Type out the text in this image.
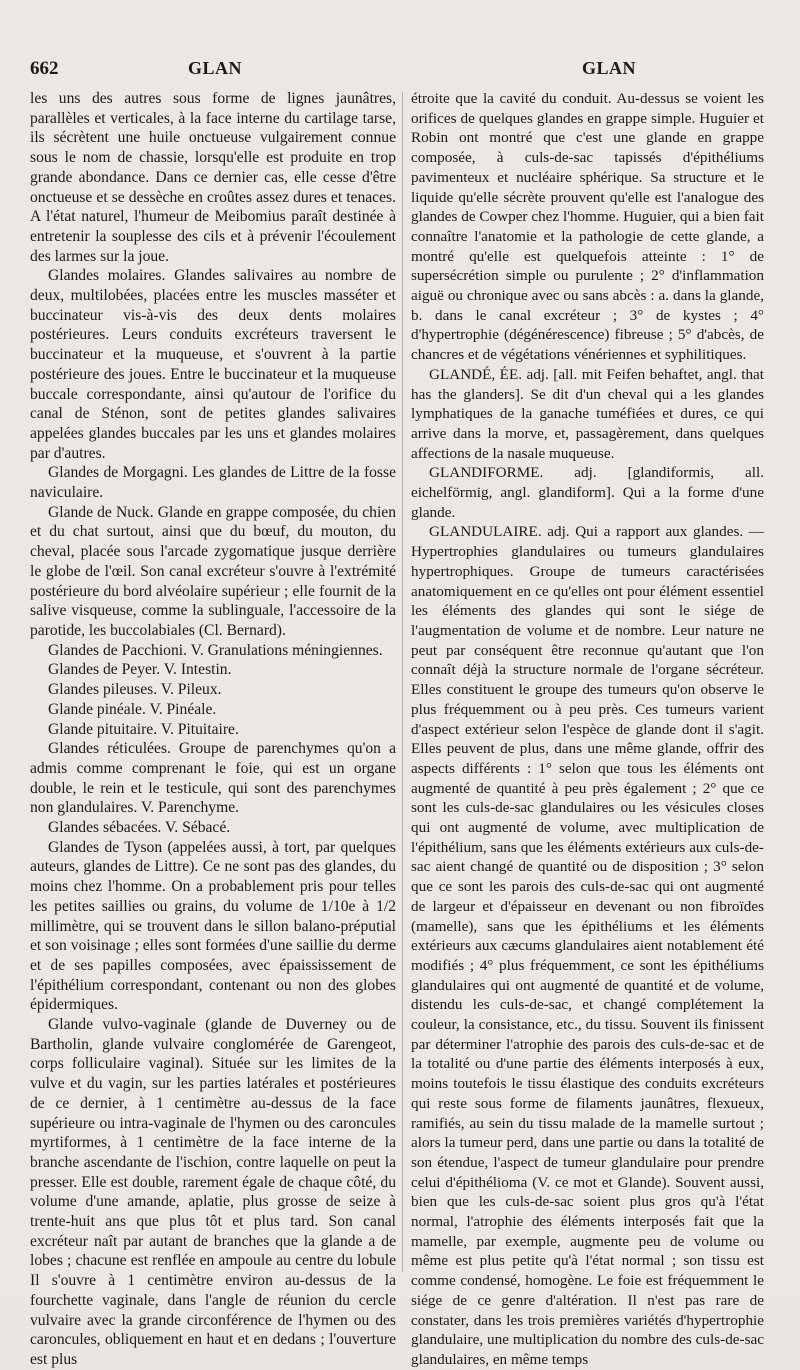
662	GLAN	GLAN

les uns des autres sous forme de lignes jaunâtres, parallèles et verticales, à la face interne du cartilage tarse, ils sécrètent une huile onctueuse vulgairement connue sous le nom de chassie, lorsqu'elle est produite en trop grande abondance. Dans ce dernier cas, elle cesse d'être onctueuse et se dessèche en croûtes assez dures et tenaces. A l'état naturel, l'humeur de Meibomius paraît destinée à entretenir la souplesse des cils et à prévenir l'écoulement des larmes sur la joue.

Glandes molaires. Glandes salivaires au nombre de deux, multilobées, placées entre les muscles masséter et buccinateur vis-à-vis des deux dents molaires postérieures. Leurs conduits excréteurs traversent le buccinateur et la muqueuse, et s'ouvrent à la partie postérieure des joues. Entre le buccinateur et la muqueuse buccale correspondante, ainsi qu'autour de l'orifice du canal de Sténon, sont de petites glandes salivaires appelées glandes buccales par les uns et glandes molaires par d'autres.

Glandes de Morgagni. Les glandes de Littre de la fosse naviculaire.

Glande de Nuck. Glande en grappe composée, du chien et du chat surtout, ainsi que du bœuf, du mouton, du cheval, placée sous l'arcade zygomatique jusque derrière le globe de l'œil. Son canal excréteur s'ouvre à l'extrémité postérieure du bord alvéolaire supérieur ; elle fournit de la salive visqueuse, comme la sublinguale, l'accessoire de la parotide, les buccolabiales (Cl. Bernard).

Glandes de Pacchioni. V. Granulations méningiennes.

Glandes de Peyer. V. Intestin.

Glandes pileuses. V. Pileux.

Glande pinéale. V. Pinéale.

Glande pituitaire. V. Pituitaire.

Glandes réticulées. Groupe de parenchymes qu'on a admis comme comprenant le foie, qui est un organe double, le rein et le testicule, qui sont des parenchymes non glandulaires. V. Parenchyme.

Glandes sébacées. V. Sébacé.

Glandes de Tyson (appelées aussi, à tort, par quelques auteurs, glandes de Littre). Ce ne sont pas des glandes, du moins chez l'homme. On a probablement pris pour telles les petites saillies ou grains, du volume de 1/10e à 1/2 millimètre, qui se trouvent dans le sillon balano-préputial et son voisinage ; elles sont formées d'une saillie du derme et de ses papilles composées, avec épaississement de l'épithélium correspondant, contenant ou non des globes épidermiques.

Glande vulvo-vaginale (glande de Duverney ou de Bartholin, glande vulvaire conglomérée de Garengeot, corps folliculaire vaginal). Située sur les limites de la vulve et du vagin, sur les parties latérales et postérieures de ce dernier, à 1 centimètre au-dessus de la face supérieure ou intra-vaginale de l'hymen ou des caroncules myrtiformes, à 1 centimètre de la face interne de la branche ascendante de l'ischion, contre laquelle on peut la presser. Elle est double, rarement égale de chaque côté, du volume d'une amande, aplatie, plus grosse de seize à trente-huit ans que plus tôt et plus tard. Son canal excréteur naît par autant de branches que la glande a de lobes ; chacune est renflée en ampoule au centre du lobule Il s'ouvre à 1 centimètre environ au-dessus de la fourchette vaginale, dans l'angle de réunion du cercle vulvaire avec la grande circonférence de l'hymen ou des caroncules, obliquement en haut et en dedans ; l'ouverture est plus

étroite que la cavité du conduit. Au-dessus se voient les orifices de quelques glandes en grappe simple. Huguier et Robin ont montré que c'est une glande en grappe composée, à culs-de-sac tapissés d'épithéliums pavimenteux et nucléaire sphérique. Sa structure et le liquide qu'elle sécrète prouvent qu'elle est l'analogue des glandes de Cowper chez l'homme. Huguier, qui a bien fait connaître l'anatomie et la pathologie de cette glande, a montré qu'elle est quelquefois atteinte : 1° de supersécrétion simple ou purulente ; 2° d'inflammation aiguë ou chronique avec ou sans abcès : a. dans la glande, b. dans le canal excréteur ; 3° de kystes ; 4° d'hypertrophie (dégénérescence) fibreuse ; 5° d'abcès, de chancres et de végétations vénériennes et syphilitiques.

GLANDÉ, ÉE. adj. [all. mit Feifen behaftet, angl. that has the glanders]. Se dit d'un cheval qui a les glandes lymphatiques de la ganache tuméfiées et dures, ce qui arrive dans la morve, et, passagèrement, dans quelques affections de la nasale muqueuse.

GLANDIFORME. adj. [glandiformis, all. eichelförmig, angl. glandiform]. Qui a la forme d'une glande.

GLANDULAIRE. adj. Qui a rapport aux glandes. — Hypertrophies glandulaires ou tumeurs glandulaires hypertrophiques. Groupe de tumeurs caractérisées anatomiquement en ce qu'elles ont pour élément essentiel les éléments des glandes qui sont le siége de l'augmentation de volume et de nombre. Leur nature ne peut par conséquent être reconnue qu'autant que l'on connaît déjà la structure normale de l'organe sécréteur. Elles constituent le groupe des tumeurs qu'on observe le plus fréquemment ou à peu près. Ces tumeurs varient d'aspect extérieur selon l'espèce de glande dont il s'agit. Elles peuvent de plus, dans une même glande, offrir des aspects différents : 1° selon que tous les éléments ont augmenté de quantité à peu près également ; 2° que ce sont les culs-de-sac glandulaires ou les vésicules closes qui ont augmenté de volume, avec multiplication de l'épithélium, sans que les éléments extérieurs aux culs-de-sac aient changé de quantité ou de disposition ; 3° selon que ce sont les parois des culs-de-sac qui ont augmenté de largeur et d'épaisseur en devenant ou non fibroïdes (mamelle), sans que les épithéliums et les éléments extérieurs aux cæcums glandulaires aient notablement été modifiés ; 4° plus fréquemment, ce sont les épithéliums glandulaires qui ont augmenté de quantité et de volume, distendu les culs-de-sac, et changé complétement la couleur, la consistance, etc., du tissu. Souvent ils finissent par déterminer l'atrophie des parois des culs-de-sac et de la totalité ou d'une partie des éléments interposés à eux, moins toutefois le tissu élastique des conduits excréteurs qui reste sous forme de filaments jaunâtres, flexueux, ramifiés, au sein du tissu malade de la mamelle surtout ; alors la tumeur perd, dans une partie ou dans la totalité de son étendue, l'aspect de tumeur glandulaire pour prendre celui d'épithélioma (V. ce mot et Glande). Souvent aussi, bien que les culs-de-sac soient plus gros qu'à l'état normal, l'atrophie des éléments interposés fait que la mamelle, par exemple, augmente peu de volume ou même est plus petite qu'à l'état normal ; son tissu est comme condensé, homogène. Le foie est fréquemment le siége de ce genre d'altération. Il n'est pas rare de constater, dans les trois premières variétés d'hypertrophie glandulaire, une multiplication du nombre des culs-de-sac glandulaires, en même temps
